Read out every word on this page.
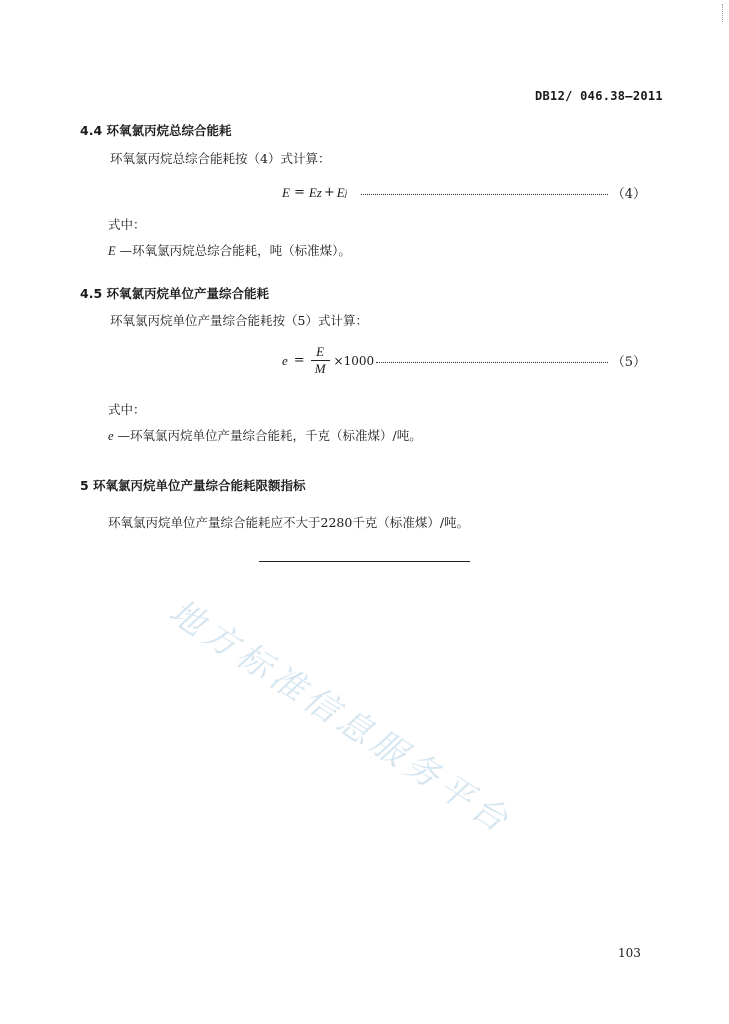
DB12/ 046.38—2011
4.4 环氧氯丙烷总综合能耗
环氧氯丙烷总综合能耗按（4）式计算：
E = Ez + E j	（4）
式中：
E —环氧氯丙烷总综合能耗，吨（标准煤）。
4.5 环氧氯丙烷单位产量综合能耗
环氧氯丙烷单位产量综合能耗按（5）式计算：
$e = \frac{E}{M} \times 1000$	（5）
式中：
e —环氧氯丙烷单位产量综合能耗，千克（标准煤）/吨。
5 环氧氯丙烷单位产量综合能耗限额指标
环氧氯丙烷单位产量综合能耗应不大于2280千克（标准煤）/吨。
地方标准信息服务平台
103
